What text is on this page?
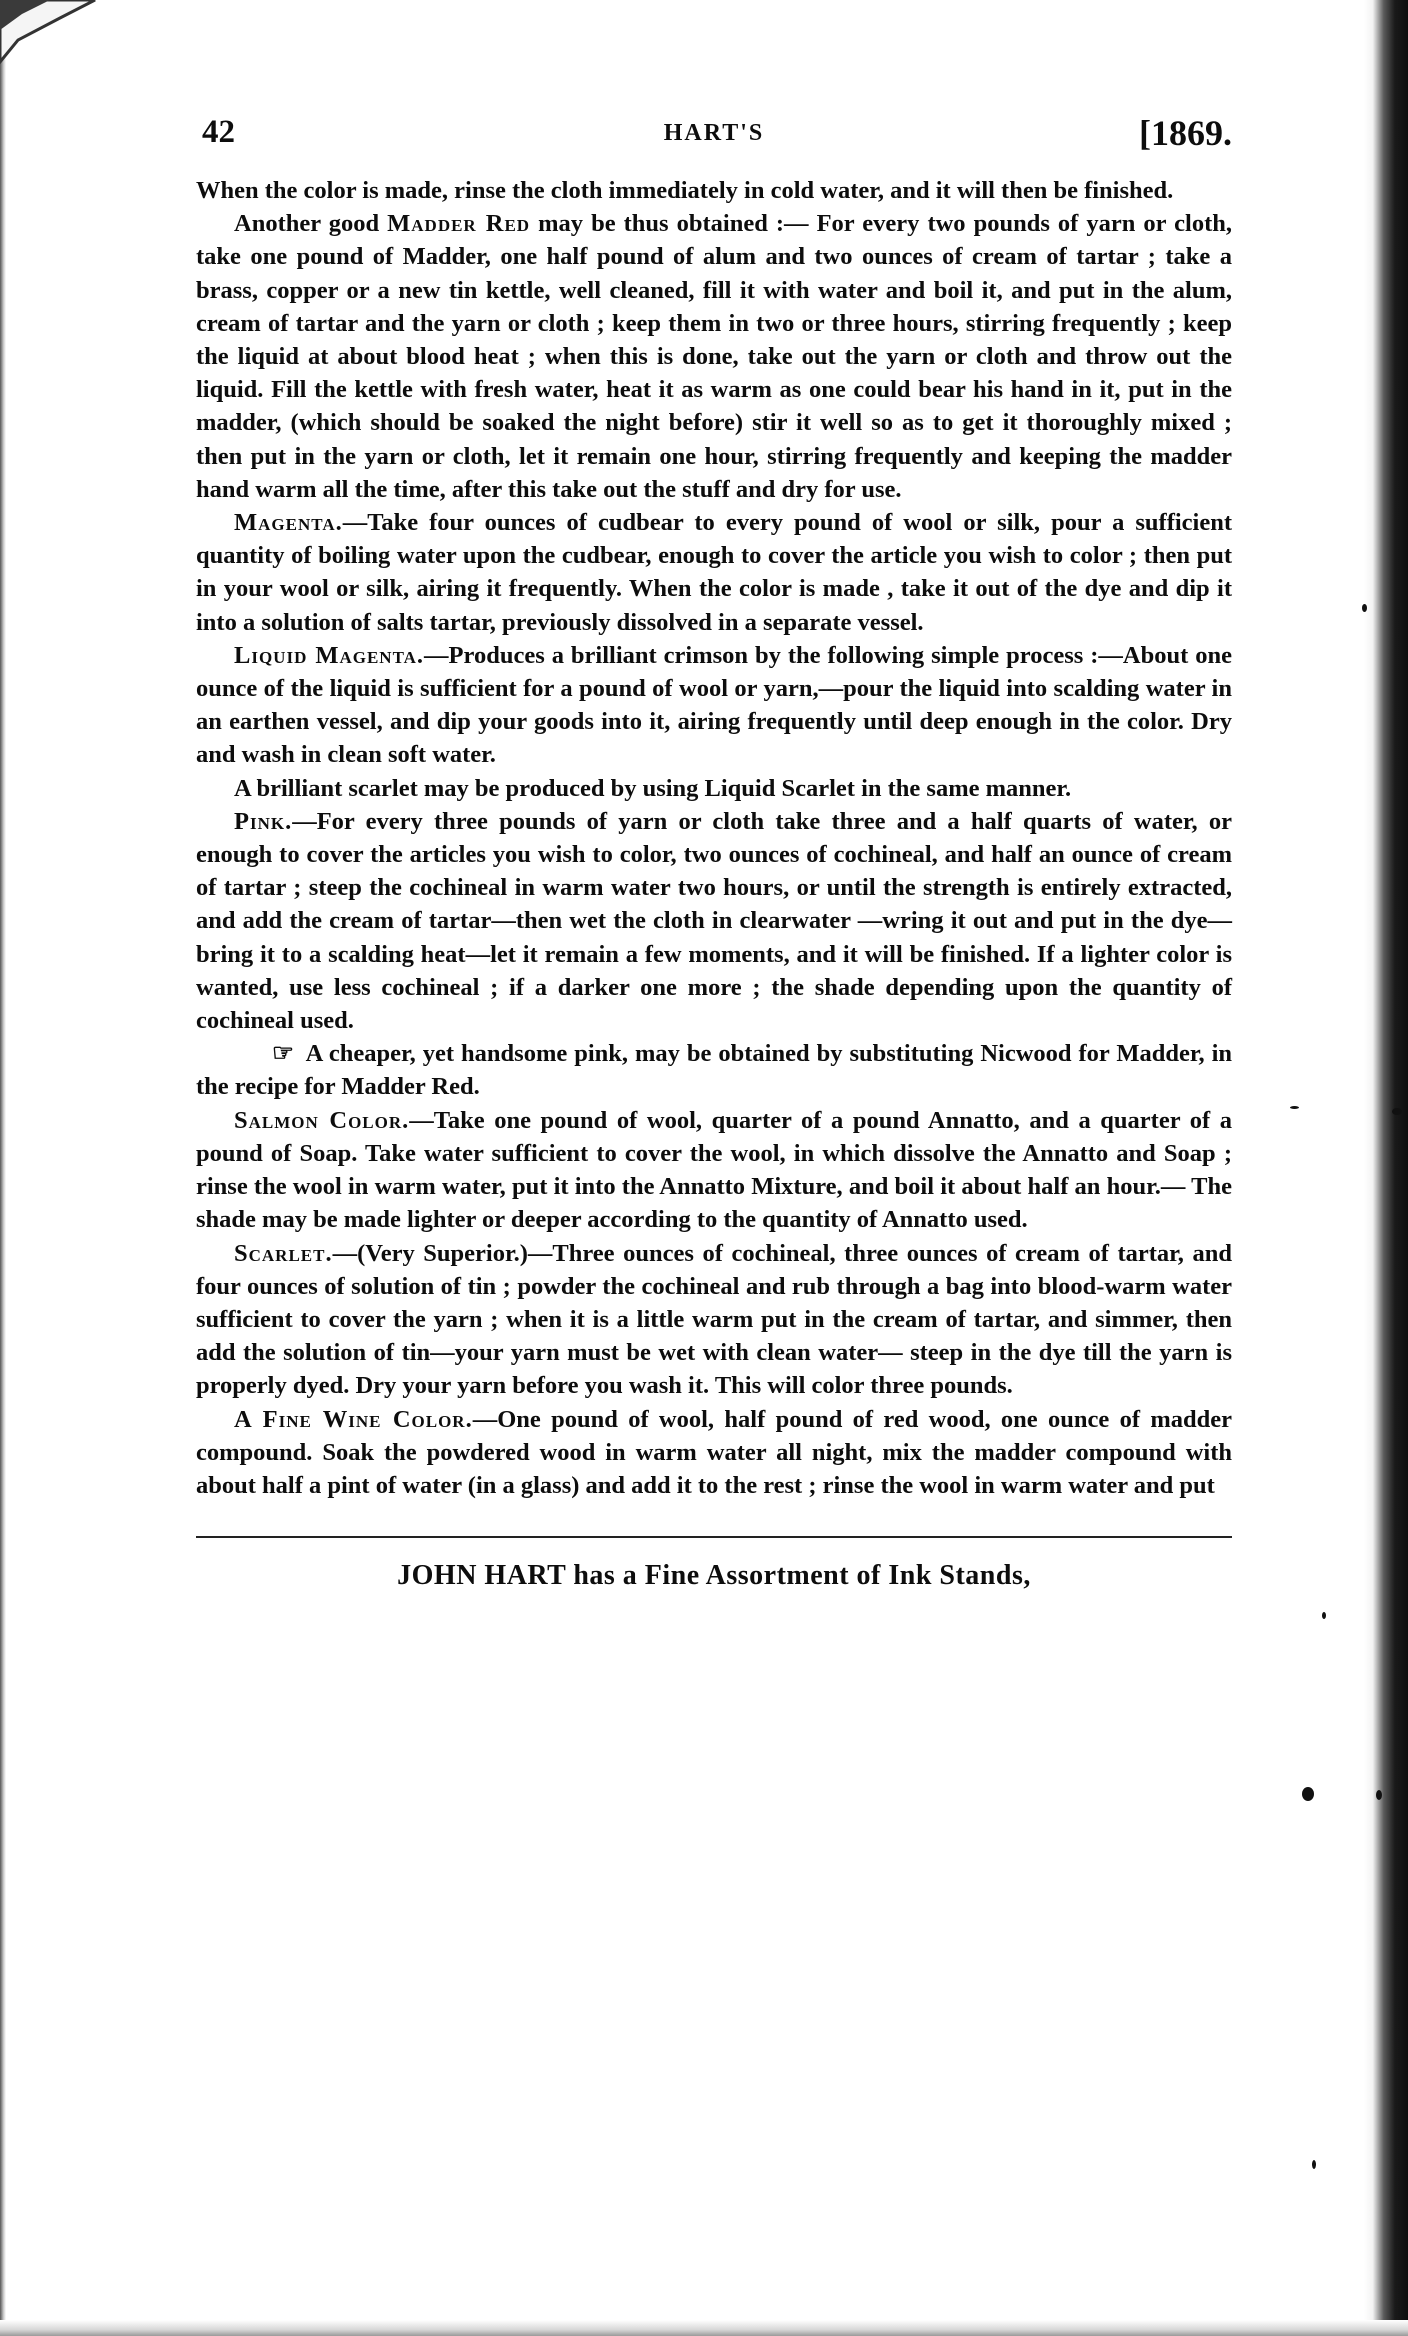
42	HART'S	[1869.

When the color is made, rinse the cloth immediately in cold water, and it will then be finished.

Another good Madder Red may be thus obtained :— For every two pounds of yarn or cloth, take one pound of Madder, one half pound of alum and two ounces of cream of tartar ; take a brass, copper or a new tin kettle, well cleaned, fill it with water and boil it, and put in the alum, cream of tartar and the yarn or cloth ; keep them in two or three hours, stirring frequently ; keep the liquid at about blood heat ; when this is done, take out the yarn or cloth and throw out the liquid. Fill the kettle with fresh water, heat it as warm as one could bear his hand in it, put in the madder, (which should be soaked the night before) stir it well so as to get it thoroughly mixed ; then put in the yarn or cloth, let it remain one hour, stirring frequently and keeping the madder hand warm all the time, after this take out the stuff and dry for use.

Magenta.—Take four ounces of cudbear to every pound of wool or silk, pour a sufficient quantity of boiling water upon the cudbear, enough to cover the article you wish to color ; then put in your wool or silk, airing it frequently. When the color is made , take it out of the dye and dip it into a solution of salts tartar, previously dissolved in a separate vessel.

Liquid Magenta.—Produces a brilliant crimson by the following simple process :—About one ounce of the liquid is sufficient for a pound of wool or yarn,—pour the liquid into scalding water in an earthen vessel, and dip your goods into it, airing frequently until deep enough in the color. Dry and wash in clean soft water.

A brilliant scarlet may be produced by using Liquid Scarlet in the same manner.

Pink.—For every three pounds of yarn or cloth take three and a half quarts of water, or enough to cover the articles you wish to color, two ounces of cochineal, and half an ounce of cream of tartar ; steep the cochineal in warm water two hours, or until the strength is entirely extracted, and add the cream of tartar—then wet the cloth in clearwater —wring it out and put in the dye—bring it to a scalding heat—let it remain a few moments, and it will be finished. If a lighter color is wanted, use less cochineal ; if a darker one more ; the shade depending upon the quantity of cochineal used.

☞ A cheaper, yet handsome pink, may be obtained by substituting Nicwood for Madder, in the recipe for Madder Red.

Salmon Color.—Take one pound of wool, quarter of a pound Annatto, and a quarter of a pound of Soap. Take water sufficient to cover the wool, in which dissolve the Annatto and Soap ; rinse the wool in warm water, put it into the Annatto Mixture, and boil it about half an hour.— The shade may be made lighter or deeper according to the quantity of Annatto used.

Scarlet.—(Very Superior.)—Three ounces of cochineal, three ounces of cream of tartar, and four ounces of solution of tin ; powder the cochineal and rub through a bag into blood-warm water sufficient to cover the yarn ; when it is a little warm put in the cream of tartar, and simmer, then add the solution of tin—your yarn must be wet with clean water— steep in the dye till the yarn is properly dyed. Dry your yarn before you wash it. This will color three pounds.

A Fine Wine Color.—One pound of wool, half pound of red wood, one ounce of madder compound. Soak the powdered wood in warm water all night, mix the madder compound with about half a pint of water (in a glass) and add it to the rest ; rinse the wool in warm water and put

JOHN HART has a Fine Assortment of Ink Stands,
